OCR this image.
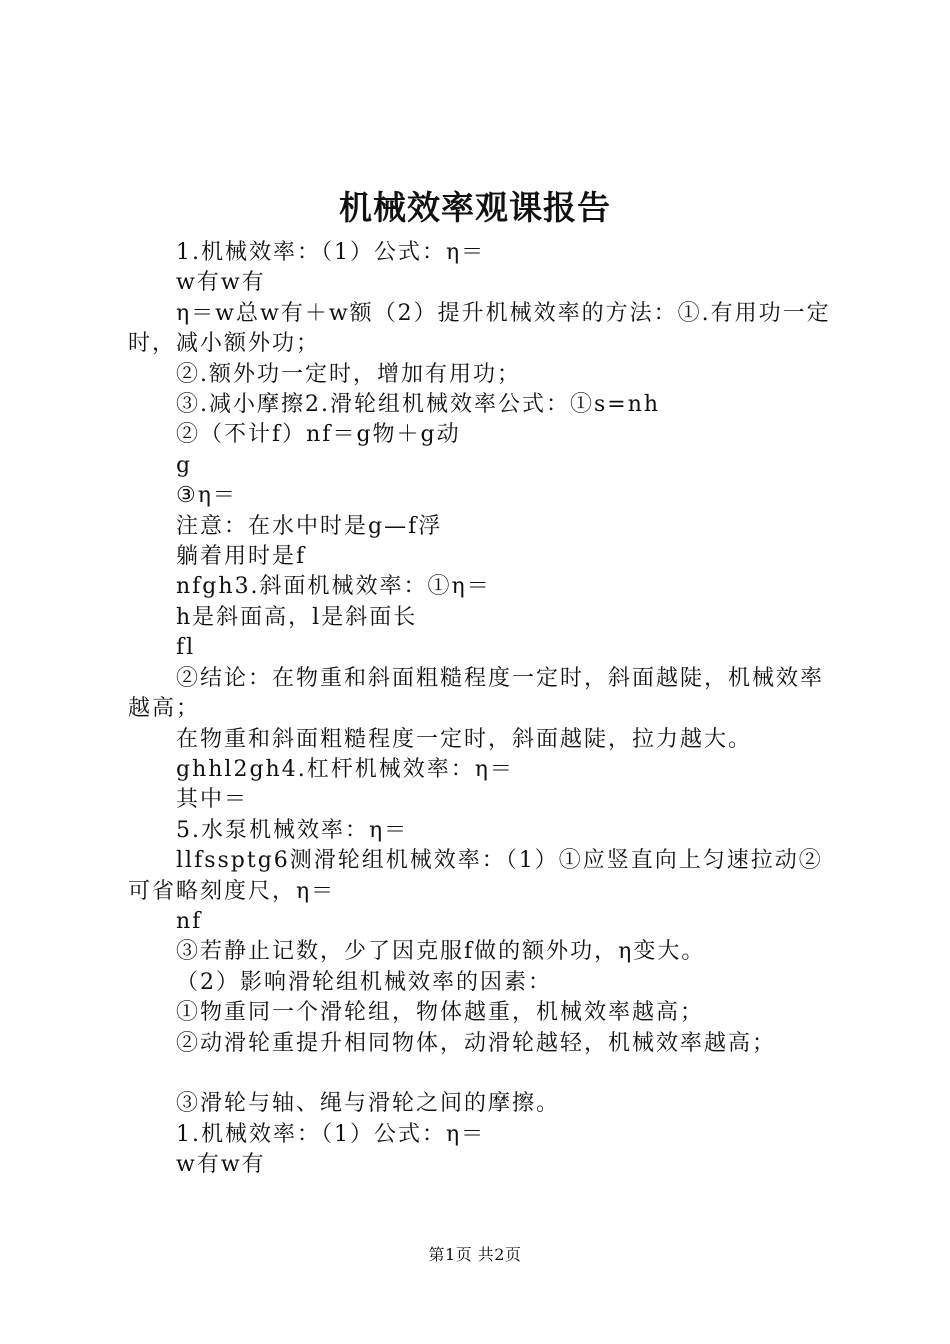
机械效率观课报告

1.机械效率：（1）公式：η＝

w有w有

η＝w总w有＋w额（2）提升机械效率的方法：①.有用功一定时，减小额外功；

②.额外功一定时，增加有用功；

③.减小摩擦2.滑轮组机械效率公式：①s=nh

②（不计f）nf＝g物＋g动

g

③η＝

注意：在水中时是g—f浮

躺着用时是f

nfgh3.斜面机械效率：①η＝

h是斜面高，l是斜面长

fl

②结论：在物重和斜面粗糙程度一定时，斜面越陡，机械效率越高；

在物重和斜面粗糙程度一定时，斜面越陡，拉力越大。

ghhl2gh4.杠杆机械效率：η＝

其中＝

5.水泵机械效率：η＝

llfssptg6测滑轮组机械效率：（1）①应竖直向上匀速拉动②可省略刻度尺，η＝

nf

③若静止记数，少了因克服f做的额外功，η变大。

（2）影响滑轮组机械效率的因素：

①物重同一个滑轮组，物体越重，机械效率越高；

②动滑轮重提升相同物体，动滑轮越轻，机械效率越高；

③滑轮与轴、绳与滑轮之间的摩擦。

1.机械效率：（1）公式：η＝

w有w有

第1页 共2页
